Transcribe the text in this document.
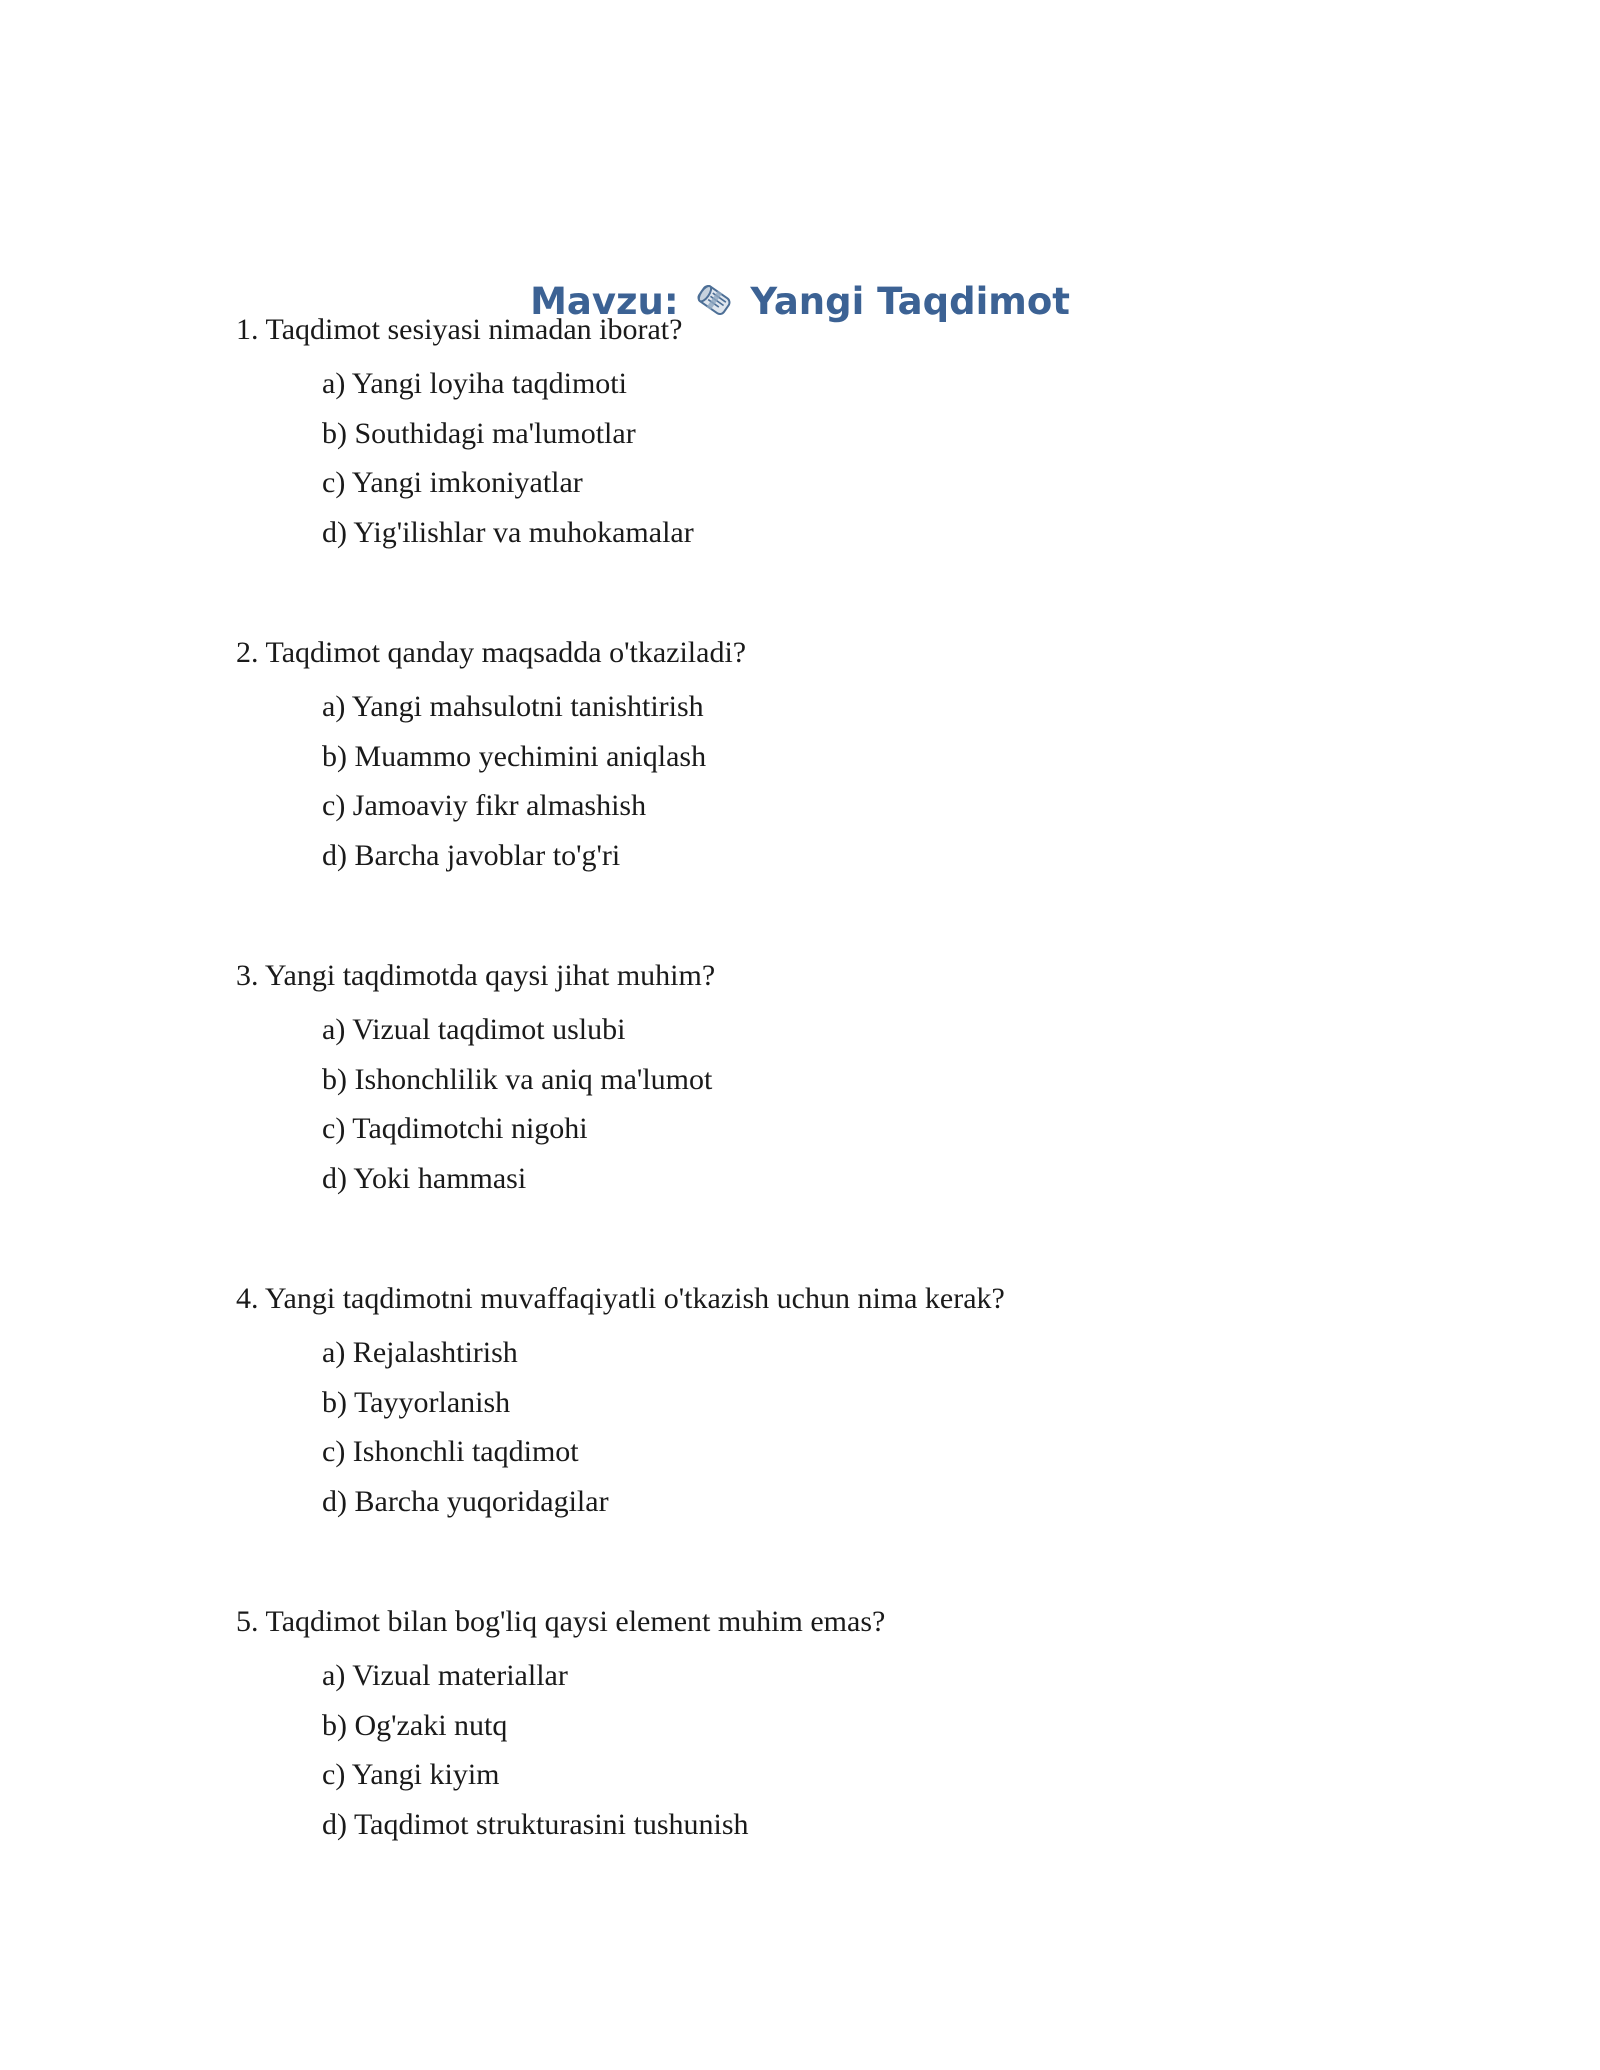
Mavzu: Yangi Taqdimot
1. Taqdimot sesiyasi nimadan iborat?
a) Yangi loyiha taqdimoti
b) Southidagi ma'lumotlar
c) Yangi imkoniyatlar
d) Yig'ilishlar va muhokamalar
2. Taqdimot qanday maqsadda o'tkaziladi?
a) Yangi mahsulotni tanishtirish
b) Muammo yechimini aniqlash
c) Jamoaviy fikr almashish
d) Barcha javoblar to'g'ri
3. Yangi taqdimotda qaysi jihat muhim?
a) Vizual taqdimot uslubi
b) Ishonchlilik va aniq ma'lumot
c) Taqdimotchi nigohi
d) Yoki hammasi
4. Yangi taqdimotni muvaffaqiyatli o'tkazish uchun nima kerak?
a) Rejalashtirish
b) Tayyorlanish
c) Ishonchli taqdimot
d) Barcha yuqoridagilar
5. Taqdimot bilan bog'liq qaysi element muhim emas?
a) Vizual materiallar
b) Og'zaki nutq
c) Yangi kiyim
d) Taqdimot strukturasini tushunish
